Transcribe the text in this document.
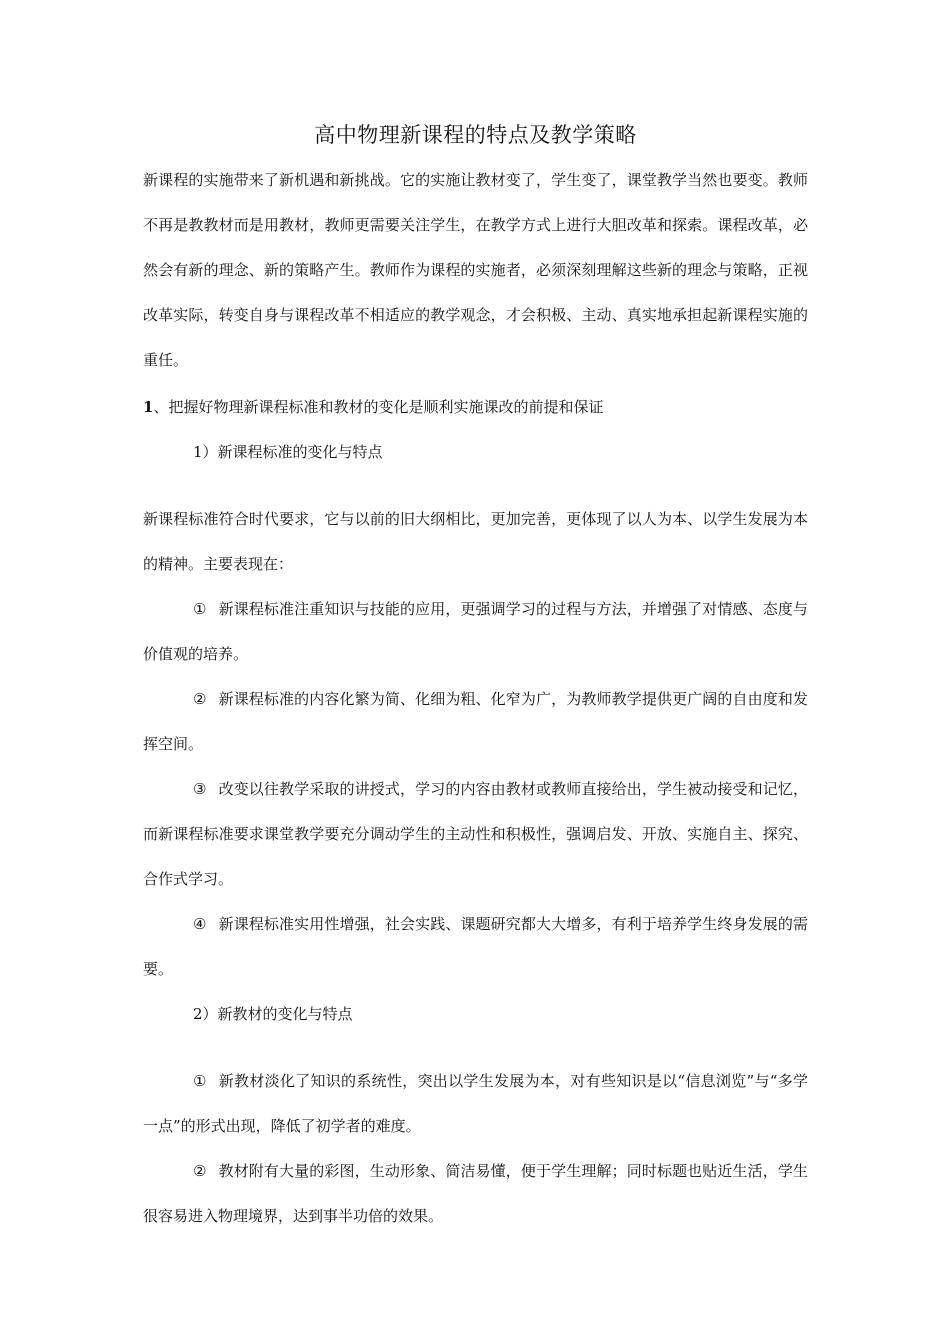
高中物理新课程的特点及教学策略

新课程的实施带来了新机遇和新挑战。它的实施让教材变了，学生变了，课堂教学当然也要变。教师不再是教教材而是用教材，教师更需要关注学生，在教学方式上进行大胆改革和探索。课程改革，必然会有新的理念、新的策略产生。教师作为课程的实施者，必须深刻理解这些新的理念与策略，正视改革实际，转变自身与课程改革不相适应的教学观念，才会积极、主动、真实地承担起新课程实施的重任。

1、把握好物理新课程标准和教材的变化是顺利实施课改的前提和保证

1）新课程标准的变化与特点

新课程标准符合时代要求，它与以前的旧大纲相比，更加完善，更体现了以人为本、以学生发展为本的精神。主要表现在：

① 新课程标准注重知识与技能的应用，更强调学习的过程与方法，并增强了对情感、态度与价值观的培养。

② 新课程标准的内容化繁为简、化细为粗、化窄为广，为教师教学提供更广阔的自由度和发挥空间。

③ 改变以往教学采取的讲授式，学习的内容由教材或教师直接给出，学生被动接受和记忆，而新课程标准要求课堂教学要充分调动学生的主动性和积极性，强调启发、开放、实施自主、探究、合作式学习。

④ 新课程标准实用性增强，社会实践、课题研究都大大增多，有利于培养学生终身发展的需要。

2）新教材的变化与特点

① 新教材淡化了知识的系统性，突出以学生发展为本，对有些知识是以“信息浏览”与“多学一点”的形式出现，降低了初学者的难度。

② 教材附有大量的彩图，生动形象、简洁易懂，便于学生理解；同时标题也贴近生活，学生很容易进入物理境界，达到事半功倍的效果。
